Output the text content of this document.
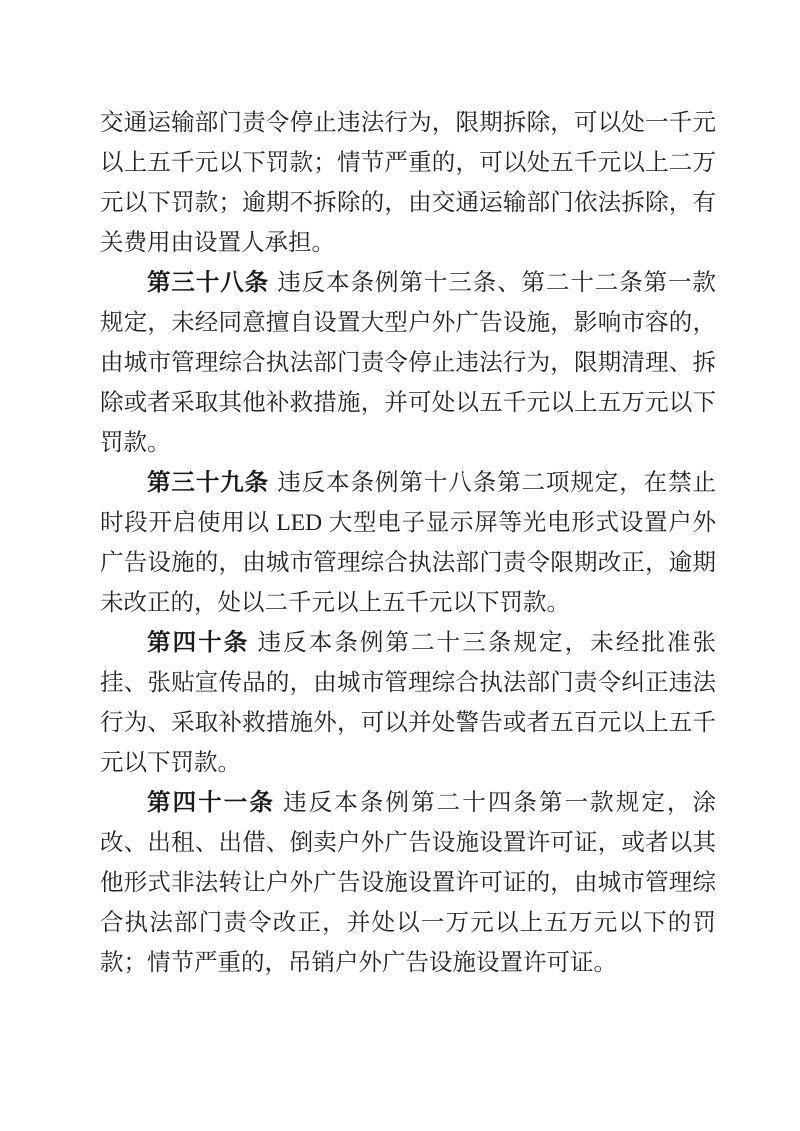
交通运输部门责令停止违法行为，限期拆除，可以处一千元以上五千元以下罚款；情节严重的，可以处五千元以上二万元以下罚款；逾期不拆除的，由交通运输部门依法拆除，有关费用由设置人承担。

第三十八条 违反本条例第十三条、第二十二条第一款规定，未经同意擅自设置大型户外广告设施，影响市容的，由城市管理综合执法部门责令停止违法行为，限期清理、拆除或者采取其他补救措施，并可处以五千元以上五万元以下罚款。

第三十九条 违反本条例第十八条第二项规定，在禁止时段开启使用以 LED 大型电子显示屏等光电形式设置户外广告设施的，由城市管理综合执法部门责令限期改正，逾期未改正的，处以二千元以上五千元以下罚款。

第四十条 违反本条例第二十三条规定，未经批准张挂、张贴宣传品的，由城市管理综合执法部门责令纠正违法行为、采取补救措施外，可以并处警告或者五百元以上五千元以下罚款。

第四十一条 违反本条例第二十四条第一款规定，涂改、出租、出借、倒卖户外广告设施设置许可证，或者以其他形式非法转让户外广告设施设置许可证的，由城市管理综合执法部门责令改正，并处以一万元以上五万元以下的罚款；情节严重的，吊销户外广告设施设置许可证。
